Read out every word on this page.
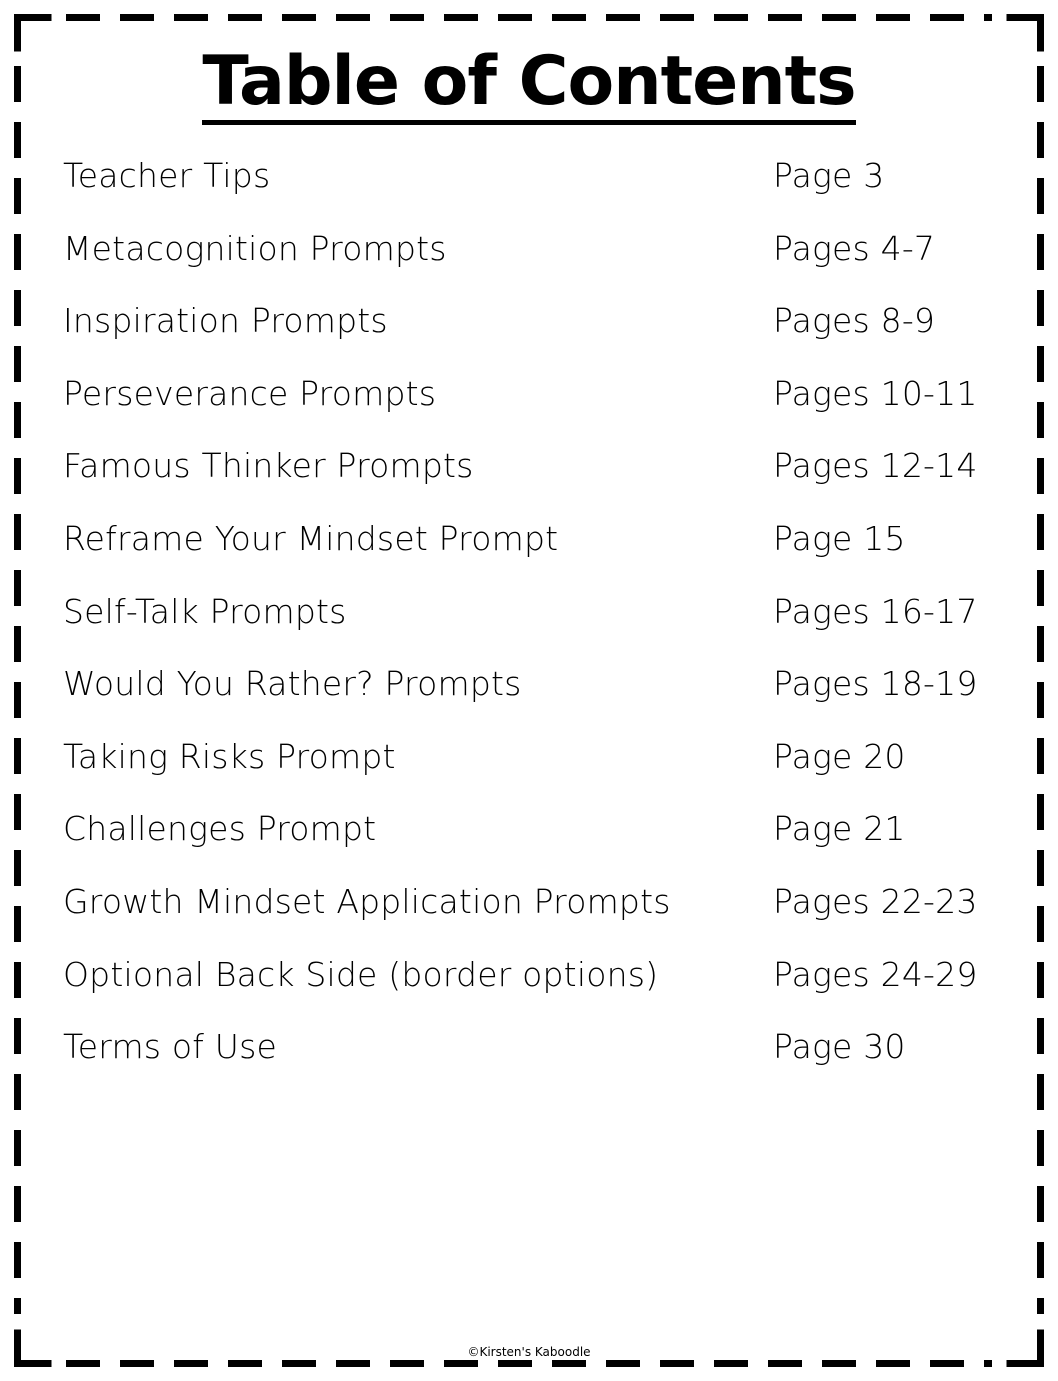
Table of Contents
Teacher Tips	Page 3
Metacognition Prompts	Pages 4-7
Inspiration Prompts	Pages 8-9
Perseverance Prompts	Pages 10-11
Famous Thinker Prompts	Pages 12-14
Reframe Your Mindset Prompt	Page 15
Self-Talk Prompts	Pages 16-17
Would You Rather? Prompts	Pages 18-19
Taking Risks Prompt	Page 20
Challenges Prompt	Page 21
Growth Mindset Application Prompts	Pages 22-23
Optional Back Side (border options)	Pages 24-29
Terms of Use	Page 30
©Kirsten's Kaboodle
